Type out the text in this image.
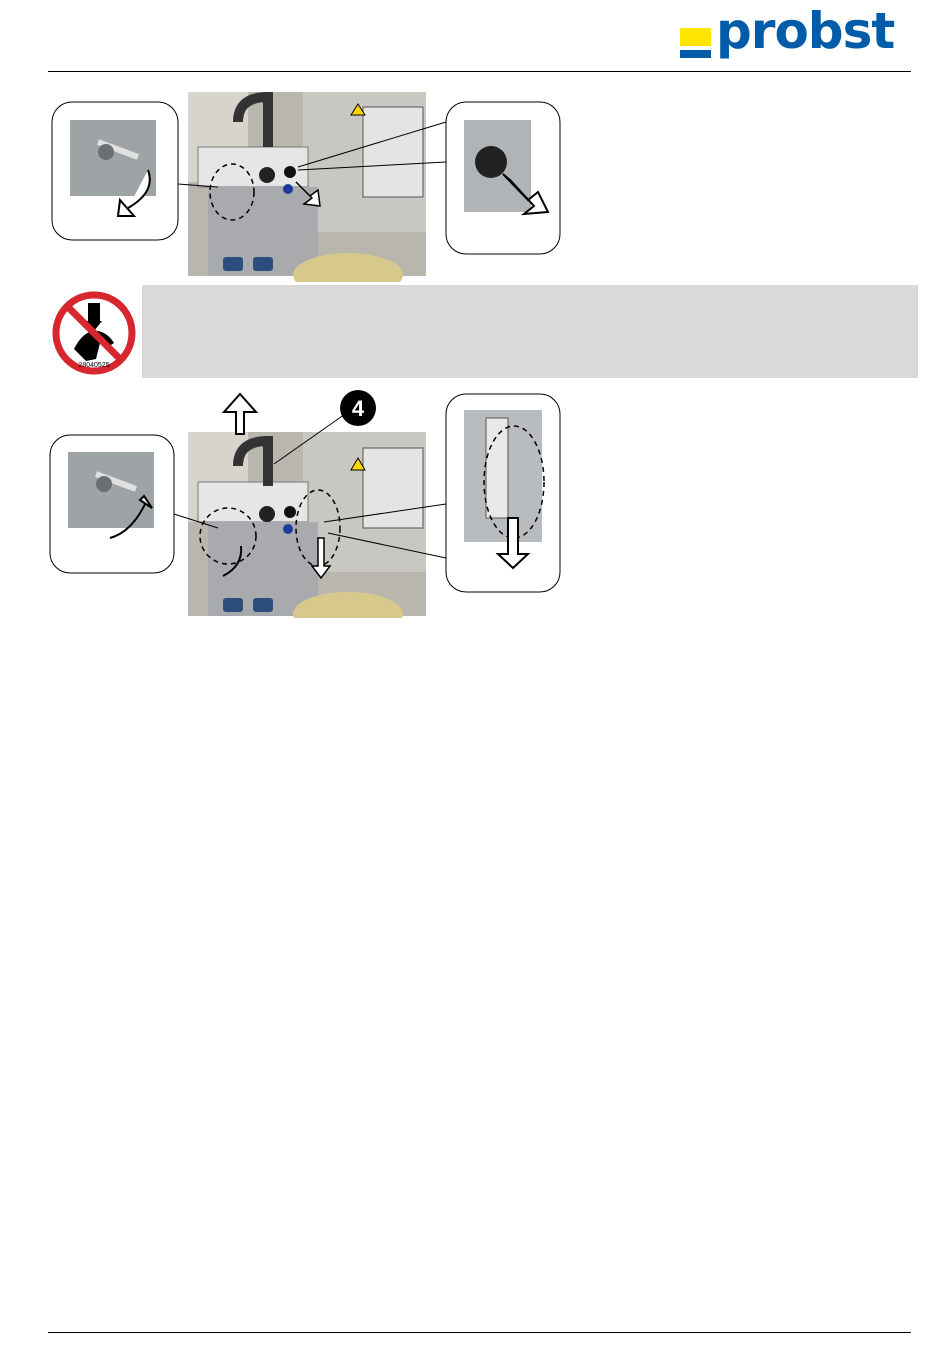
probst
28040525
4
